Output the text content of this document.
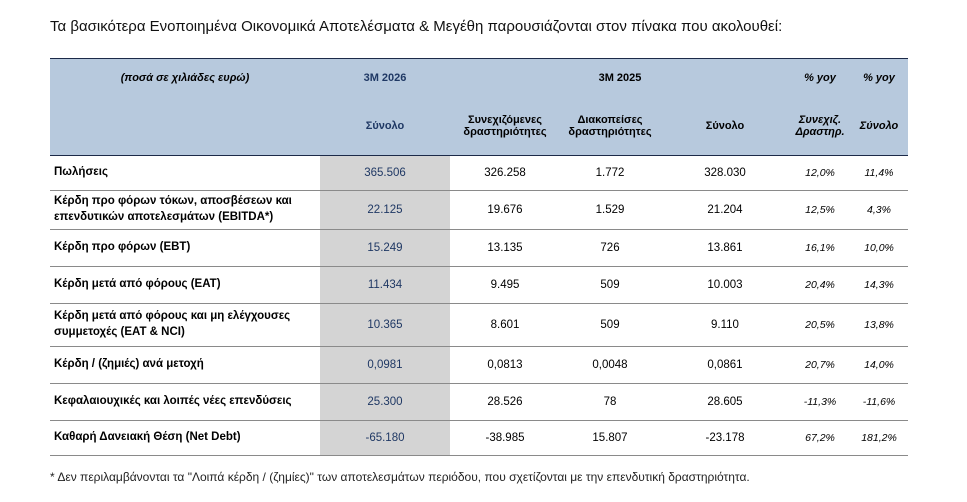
Τα βασικότερα Ενοποιημένα Οικονομικά Αποτελέσματα & Μεγέθη παρουσιάζονται στον πίνακα που ακολουθεί:
(ποσά σε χιλιάδες ευρώ)	3M 2026	3M 2025			% yoy	% yoy
	Σύνολο	Συνεχιζόμενες δραστηριότητες	Διακοπείσες δραστηριότητες	Σύνολο	Συνεχιζ. Δραστηρ.	Σύνολο
Πωλήσεις	365.506	326.258	1.772	328.030	12,0%	11,4%
Κέρδη προ φόρων τόκων, αποσβέσεων και επενδυτικών αποτελεσμάτων (EBITDA*)	22.125	19.676	1.529	21.204	12,5%	4,3%
Κέρδη προ φόρων (EBT)	15.249	13.135	726	13.861	16,1%	10,0%
Κέρδη μετά από φόρους (EAT)	11.434	9.495	509	10.003	20,4%	14,3%
Κέρδη μετά από φόρους και μη ελέγχουσες συμμετοχές (EAT & NCI)	10.365	8.601	509	9.110	20,5%	13,8%
Κέρδη / (ζημιές) ανά μετοχή	0,0981	0,0813	0,0048	0,0861	20,7%	14,0%
Κεφαλαιουχικές και λοιπές νέες επενδύσεις	25.300	28.526	78	28.605	-11,3%	-11,6%
Καθαρή Δανειακή Θέση (Net Debt)	-65.180	-38.985	15.807	-23.178	67,2%	181,2%
* Δεν περιλαμβάνονται τα "Λοιπά κέρδη / (ζημίες)" των αποτελεσμάτων περιόδου, που σχετίζονται με την επενδυτική δραστηριότητα.
